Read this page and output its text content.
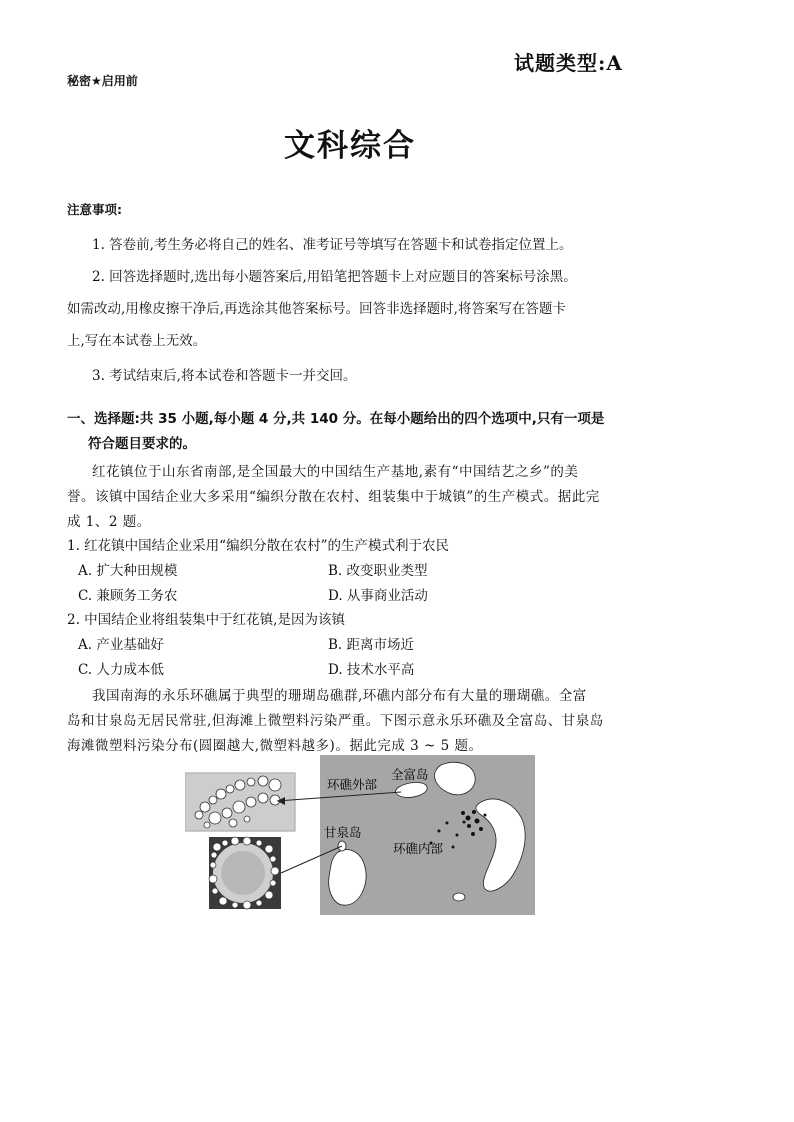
秘密★启用前
试题类型:A
文科综合
注意事项:
1. 答卷前,考生务必将自己的姓名、准考证号等填写在答题卡和试卷指定位置上。
2. 回答选择题时,选出每小题答案后,用铅笔把答题卡上对应题目的答案标号涂黑。
如需改动,用橡皮擦干净后,再选涂其他答案标号。回答非选择题时,将答案写在答题卡
上,写在本试卷上无效。
3. 考试结束后,将本试卷和答题卡一并交回。
一、选择题:共 35 小题,每小题 4 分,共 140 分。在每小题给出的四个选项中,只有一项是
符合题目要求的。
红花镇位于山东省南部,是全国最大的中国结生产基地,素有“中国结艺之乡”的美
誉。该镇中国结企业大多采用“编织分散在农村、组装集中于城镇”的生产模式。据此完
成 1、2 题。
1. 红花镇中国结企业采用“编织分散在农村”的生产模式利于农民
A. 扩大种田规模	B. 改变职业类型
C. 兼顾务工务农	D. 从事商业活动
2. 中国结企业将组装集中于红花镇,是因为该镇
A. 产业基础好	B. 距离市场近
C. 人力成本低	D. 技术水平高
我国南海的永乐环礁属于典型的珊瑚岛礁群,环礁内部分布有大量的珊瑚礁。全富
岛和甘泉岛无居民常驻,但海滩上微塑料污染严重。下图示意永乐环礁及全富岛、甘泉岛
海滩微塑料污染分布(圆圈越大,微塑料越多)。据此完成 3 ~ 5 题。
环礁外部
全富岛
甘泉岛
环礁内部
